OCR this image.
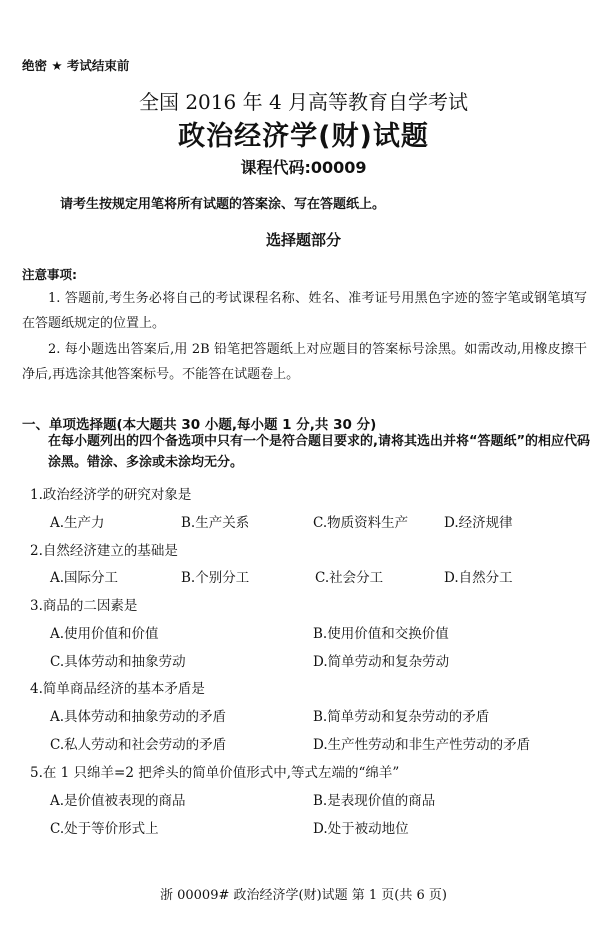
绝密 ★ 考试结束前
全国 2016 年 4 月高等教育自学考试
政治经济学(财)试题
课程代码:00009
请考生按规定用笔将所有试题的答案涂、写在答题纸上。
选择题部分
注意事项:
1. 答题前,考生务必将自己的考试课程名称、姓名、准考证号用黑色字迹的签字笔或钢笔填写在答题纸规定的位置上。
2. 每小题选出答案后,用 2B 铅笔把答题纸上对应题目的答案标号涂黑。如需改动,用橡皮擦干净后,再选涂其他答案标号。不能答在试题卷上。
一、单项选择题(本大题共 30 小题,每小题 1 分,共 30 分)
在每小题列出的四个备选项中只有一个是符合题目要求的,请将其选出并将“答题纸”的相应代码涂黑。错涂、多涂或未涂均无分。
1.政治经济学的研究对象是
A.生产力	B.生产关系	C.物质资料生产	D.经济规律
2.自然经济建立的基础是
A.国际分工	B.个别分工	C.社会分工	D.自然分工
3.商品的二因素是
A.使用价值和价值	B.使用价值和交换价值
C.具体劳动和抽象劳动	D.简单劳动和复杂劳动
4.简单商品经济的基本矛盾是
A.具体劳动和抽象劳动的矛盾	B.简单劳动和复杂劳动的矛盾
C.私人劳动和社会劳动的矛盾	D.生产性劳动和非生产性劳动的矛盾
5.在 1 只绵羊=2 把斧头的简单价值形式中,等式左端的“绵羊”
A.是价值被表现的商品	B.是表现价值的商品
C.处于等价形式上	D.处于被动地位
浙 00009# 政治经济学(财)试题 第 1 页(共 6 页)
